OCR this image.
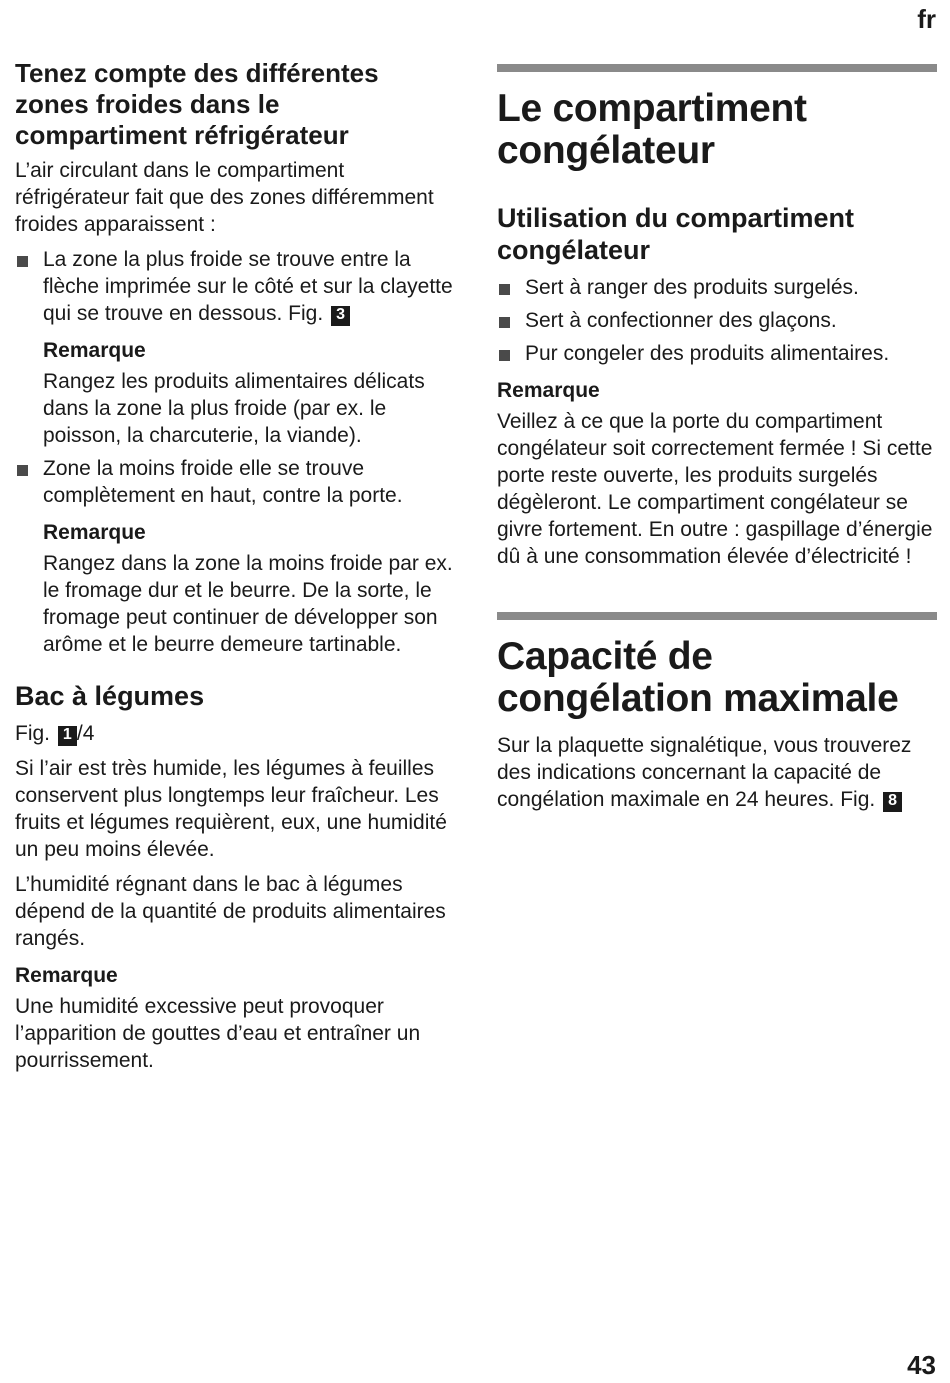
fr
Tenez compte des différentes zones froides dans le compartiment réfrigérateur

L’air circulant dans le compartiment réfrigérateur fait que des zones différemment froides apparaissent :

La zone la plus froide se trouve entre la flèche imprimée sur le côté et sur la clayette qui se trouve en dessous. Fig. 3
Remarque
Rangez les produits alimentaires délicats dans la zone la plus froide (par ex. le poisson, la charcuterie, la viande).
Zone la moins froide elle se trouve complètement en haut, contre la porte.
Remarque
Rangez dans la zone la moins froide par ex. le fromage dur et le beurre. De la sorte, le fromage peut continuer de développer son arôme et le beurre demeure tartinable.
Bac à légumes

Fig. 1 /4

Si l’air est très humide, les légumes à feuilles conservent plus longtemps leur fraîcheur. Les fruits et légumes requièrent, eux, une humidité un peu moins élevée.

L’humidité régnant dans le bac à légumes dépend de la quantité de produits alimentaires rangés.

Remarque

Une humidité excessive peut provoquer l’apparition de gouttes d’eau et entraîner un pourrissement.

Le compartiment congélateur
Utilisation du compartiment congélateur
Sert à ranger des produits surgelés.
Sert à confectionner des glaçons.
Pur congeler des produits alimentaires.
Remarque

Veillez à ce que la porte du compartiment congélateur soit correctement fermée ! Si cette porte reste ouverte, les produits surgelés dégèleront. Le compartiment congélateur se givre fortement. En outre : gaspillage d’énergie dû à une consommation élevée d’électricité !

Capacité de congélation maximale

Sur la plaquette signalétique, vous trouverez des indications concernant la capacité de congélation maximale en 24 heures. Fig. 8

43
